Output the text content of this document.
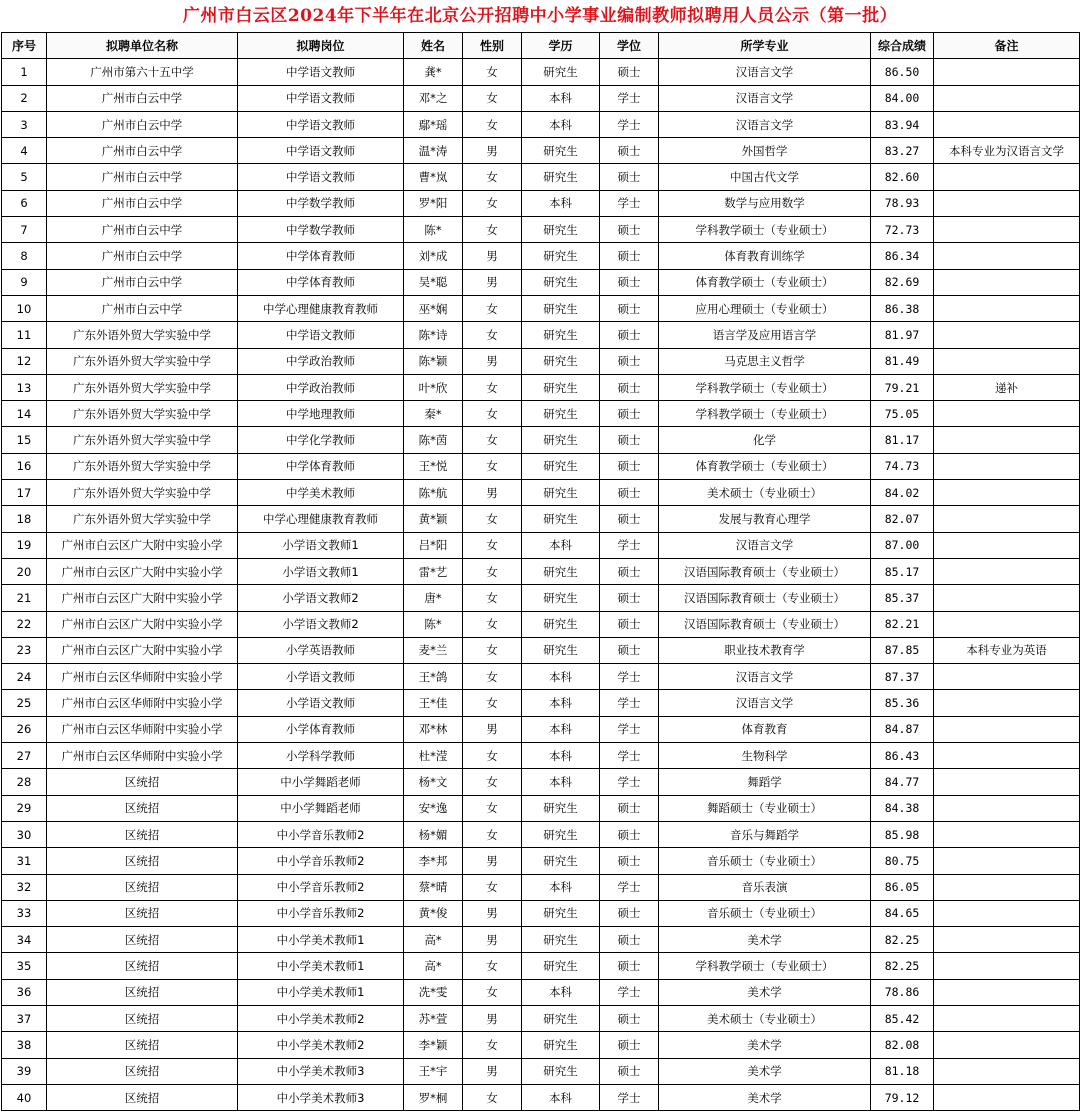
广州市白云区2024年下半年在北京公开招聘中小学事业编制教师拟聘用人员公示（第一批）
序号	拟聘单位名称	拟聘岗位	姓名	性别	学历	学位	所学专业	综合成绩	备注
1	广州市第六十五中学	中学语文教师	龚*	女	研究生	硕士	汉语言文学	86.50	
2	广州市白云中学	中学语文教师	邓*之	女	本科	学士	汉语言文学	84.00	
3	广州市白云中学	中学语文教师	鄢*瑶	女	本科	学士	汉语言文学	83.94	
4	广州市白云中学	中学语文教师	温*涛	男	研究生	硕士	外国哲学	83.27	本科专业为汉语言文学
5	广州市白云中学	中学语文教师	曹*岚	女	研究生	硕士	中国古代文学	82.60	
6	广州市白云中学	中学数学教师	罗*阳	女	本科	学士	数学与应用数学	78.93	
7	广州市白云中学	中学数学教师	陈*	女	研究生	硕士	学科教学硕士（专业硕士）	72.73	
8	广州市白云中学	中学体育教师	刘*成	男	研究生	硕士	体育教育训练学	86.34	
9	广州市白云中学	中学体育教师	吴*聪	男	研究生	硕士	体育教学硕士（专业硕士）	82.69	
10	广州市白云中学	中学心理健康教育教师	巫*娴	女	研究生	硕士	应用心理硕士（专业硕士）	86.38	
11	广东外语外贸大学实验中学	中学语文教师	陈*诗	女	研究生	硕士	语言学及应用语言学	81.97	
12	广东外语外贸大学实验中学	中学政治教师	陈*颖	男	研究生	硕士	马克思主义哲学	81.49	
13	广东外语外贸大学实验中学	中学政治教师	叶*欣	女	研究生	硕士	学科教学硕士（专业硕士）	79.21	递补
14	广东外语外贸大学实验中学	中学地理教师	秦*	女	研究生	硕士	学科教学硕士（专业硕士）	75.05	
15	广东外语外贸大学实验中学	中学化学教师	陈*茵	女	研究生	硕士	化学	81.17	
16	广东外语外贸大学实验中学	中学体育教师	王*悦	女	研究生	硕士	体育教学硕士（专业硕士）	74.73	
17	广东外语外贸大学实验中学	中学美术教师	陈*航	男	研究生	硕士	美术硕士（专业硕士）	84.02	
18	广东外语外贸大学实验中学	中学心理健康教育教师	黄*颖	女	研究生	硕士	发展与教育心理学	82.07	
19	广州市白云区广大附中实验小学	小学语文教师1	吕*阳	女	本科	学士	汉语言文学	87.00	
20	广州市白云区广大附中实验小学	小学语文教师1	雷*艺	女	研究生	硕士	汉语国际教育硕士（专业硕士）	85.17	
21	广州市白云区广大附中实验小学	小学语文教师2	唐*	女	研究生	硕士	汉语国际教育硕士（专业硕士）	85.37	
22	广州市白云区广大附中实验小学	小学语文教师2	陈*	女	研究生	硕士	汉语国际教育硕士（专业硕士）	82.21	
23	广州市白云区广大附中实验小学	小学英语教师	麦*兰	女	研究生	硕士	职业技术教育学	87.85	本科专业为英语
24	广州市白云区华师附中实验小学	小学语文教师	王*鸽	女	本科	学士	汉语言文学	87.37	
25	广州市白云区华师附中实验小学	小学语文教师	王*佳	女	本科	学士	汉语言文学	85.36	
26	广州市白云区华师附中实验小学	小学体育教师	邓*林	男	本科	学士	体育教育	84.87	
27	广州市白云区华师附中实验小学	小学科学教师	杜*滢	女	本科	学士	生物科学	86.43	
28	区统招	中小学舞蹈老师	杨*文	女	本科	学士	舞蹈学	84.77	
29	区统招	中小学舞蹈老师	安*逸	女	研究生	硕士	舞蹈硕士（专业硕士）	84.38	
30	区统招	中小学音乐教师2	杨*媚	女	研究生	硕士	音乐与舞蹈学	85.98	
31	区统招	中小学音乐教师2	李*邦	男	研究生	硕士	音乐硕士（专业硕士）	80.75	
32	区统招	中小学音乐教师2	蔡*晴	女	本科	学士	音乐表演	86.05	
33	区统招	中小学音乐教师2	黄*俊	男	研究生	硕士	音乐硕士（专业硕士）	84.65	
34	区统招	中小学美术教师1	高*	男	研究生	硕士	美术学	82.25	
35	区统招	中小学美术教师1	高*	女	研究生	硕士	学科教学硕士（专业硕士）	82.25	
36	区统招	中小学美术教师1	冼*雯	女	本科	学士	美术学	78.86	
37	区统招	中小学美术教师2	苏*萱	男	研究生	硕士	美术硕士（专业硕士）	85.42	
38	区统招	中小学美术教师2	李*颖	女	研究生	硕士	美术学	82.08	
39	区统招	中小学美术教师3	王*宇	男	研究生	硕士	美术学	81.18	
40	区统招	中小学美术教师3	罗*桐	女	本科	学士	美术学	79.12	
